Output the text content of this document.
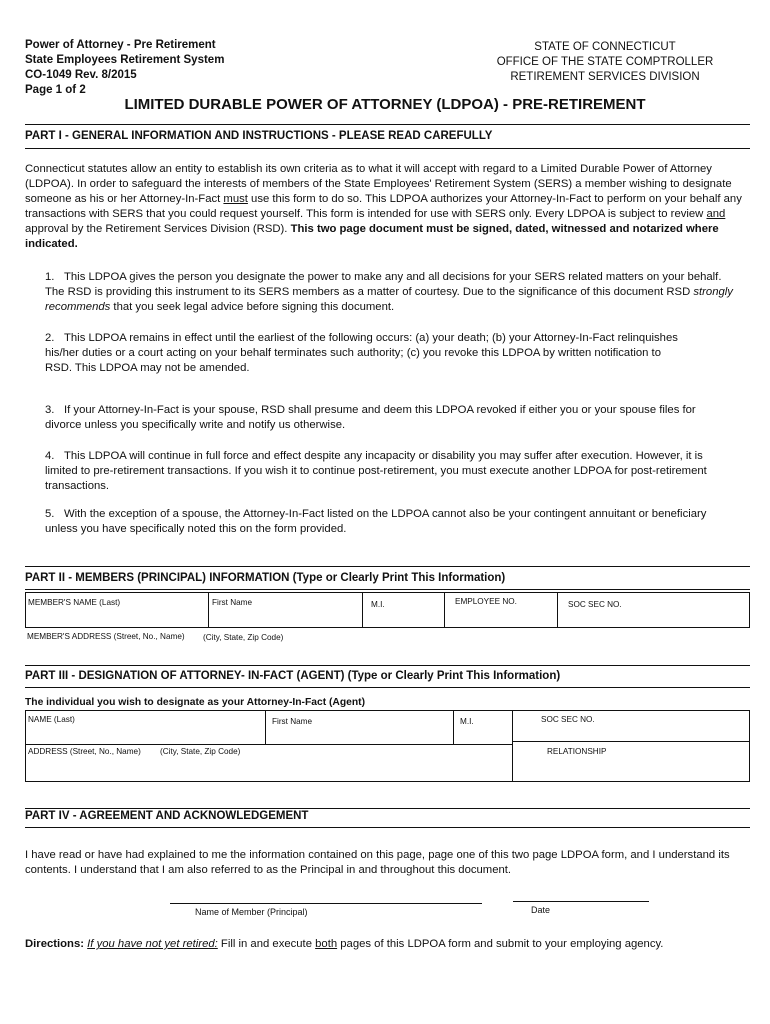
Power of Attorney - Pre Retirement
State Employees Retirement System
CO-1049 Rev. 8/2015
Page 1 of 2
STATE OF CONNECTICUT
OFFICE OF THE STATE COMPTROLLER
RETIREMENT SERVICES DIVISION
LIMITED DURABLE POWER OF ATTORNEY (LDPOA) - PRE-RETIREMENT
PART I - GENERAL INFORMATION AND INSTRUCTIONS - PLEASE READ CAREFULLY
Connecticut statutes allow an entity to establish its own criteria as to what it will accept with regard to a Limited Durable Power of Attorney (LDPOA). In order to safeguard the interests of members of the State Employees' Retirement System (SERS) a member wishing to designate someone as his or her Attorney-In-Fact must use this form to do so. This LDPOA authorizes your Attorney-In-Fact to perform on your behalf any transactions with SERS that you could request yourself. This form is intended for use with SERS only. Every LDPOA is subject to review and approval by the Retirement Services Division (RSD). This two page document must be signed, dated, witnessed and notarized where indicated.
1. This LDPOA gives the person you designate the power to make any and all decisions for your SERS related matters on your behalf. The RSD is providing this instrument to its SERS members as a matter of courtesy. Due to the significance of this document RSD strongly recommends that you seek legal advice before signing this document.
2. This LDPOA remains in effect until the earliest of the following occurs: (a) your death; (b) your Attorney-In-Fact relinquishes his/her duties or a court acting on your behalf terminates such authority; (c) you revoke this LDPOA by written notification to RSD. This LDPOA may not be amended.
3. If your Attorney-In-Fact is your spouse, RSD shall presume and deem this LDPOA revoked if either you or your spouse files for divorce unless you specifically write and notify us otherwise.
4. This LDPOA will continue in full force and effect despite any incapacity or disability you may suffer after execution. However, it is limited to pre-retirement transactions. If you wish it to continue post-retirement, you must execute another LDPOA for post-retirement transactions.
5. With the exception of a spouse, the Attorney-In-Fact listed on the LDPOA cannot also be your contingent annuitant or beneficiary unless you have specifically noted this on the form provided.
PART II - MEMBERS (PRINCIPAL) INFORMATION (Type or Clearly Print This Information)
MEMBER'S NAME (Last)	First Name	M.I.	EMPLOYEE NO.	SOC SEC NO.
MEMBER'S ADDRESS (Street, No., Name) (City, State, Zip Code)
PART III - DESIGNATION OF ATTORNEY- IN-FACT (AGENT) (Type or Clearly Print This Information)
The individual you wish to designate as your Attorney-In-Fact (Agent)
NAME (Last)	First Name	M.I.	SOC SEC NO.
ADDRESS (Street, No., Name) (City, State, Zip Code)	RELATIONSHIP
PART IV - AGREEMENT AND ACKNOWLEDGEMENT
I have read or have had explained to me the information contained on this page, page one of this two page LDPOA form, and I understand its contents. I understand that I am also referred to as the Principal in and throughout this document.
Name of Member (Principal)	Date
Directions: If you have not yet retired: Fill in and execute both pages of this LDPOA form and submit to your employing agency.
